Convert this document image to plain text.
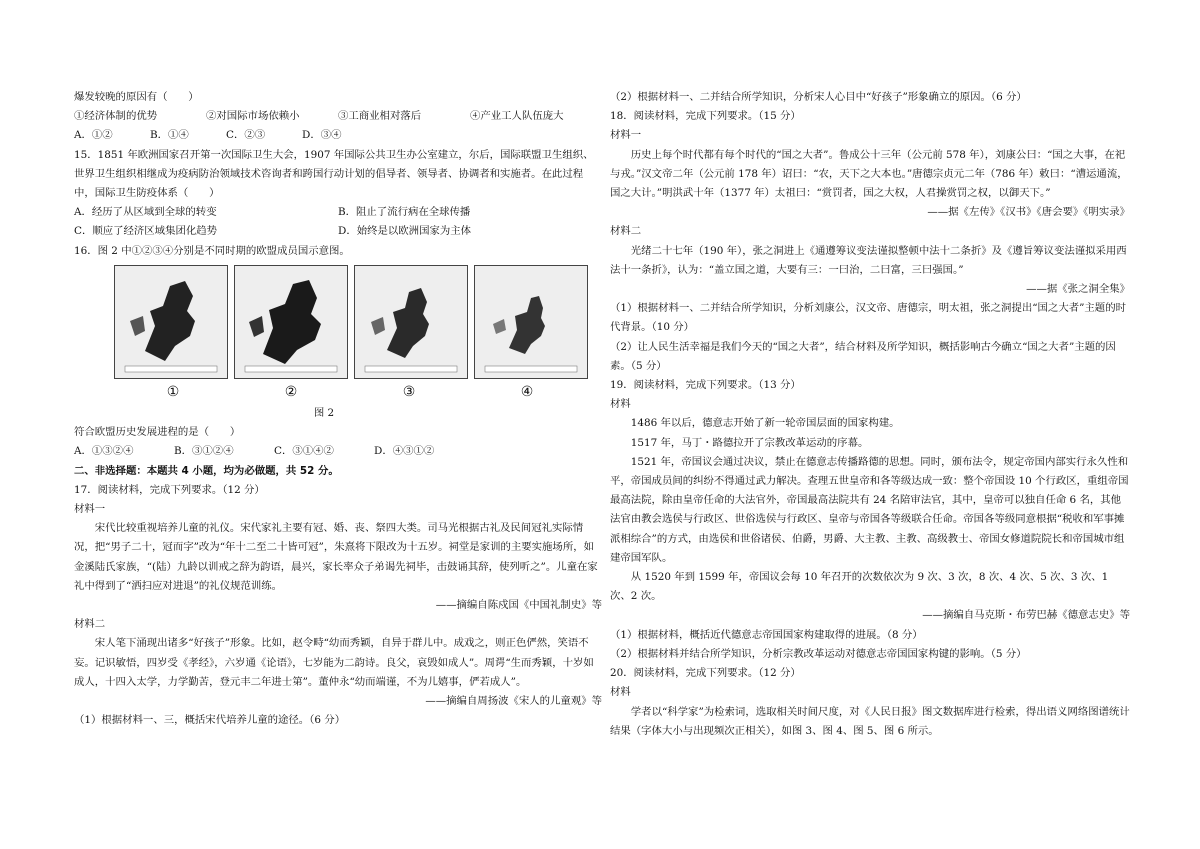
爆发较晚的原因有（　　）

①经济体制的优势	②对国际市场依赖小	③工商业相对落后	④产业工人队伍庞大
A．①②	B．①④	C．②③	D．③④

15．1851 年欧洲国家召开第一次国际卫生大会，1907 年国际公共卫生办公室建立，尔后，国际联盟卫生组织、世界卫生组织相继成为疫病防治领域技术咨询者和跨国行动计划的倡导者、领导者、协调者和实施者。在此过程中，国际卫生防疫体系（　　）

A．经历了从区域到全球的转变	B．阻止了流行病在全球传播
C．顺应了经济区域集团化趋势	D．始终是以欧洲国家为主体

16．图 2 中①②③④分别是不同时期的欧盟成员国示意图。

①	②	③	④
图 2

符合欧盟历史发展进程的是（　　）

A．①③②④	B．③①②④	C．③①④②	D．④③①②

二、非选择题：本题共 4 小题，均为必做题，共 52 分。

17．阅读材料，完成下列要求。（12 分）

材料一

宋代比较重视培养儿童的礼仪。宋代家礼主要有冠、婚、丧、祭四大类。司马光根据古礼及民间冠礼实际情况，把“男子二十，冠而字”改为“年十二至二十皆可冠”，朱熹将下限改为十五岁。祠堂是家训的主要实施场所，如金溪陆氏家族，“(陆）九龄以训戒之辞为韵语，晨兴，家长率众子弟谒先祠毕，击鼓诵其辞，使列听之”。儿童在家礼中得到了“洒扫应对进退”的礼仪规范训练。

——摘编自陈戍国《中国礼制史》等

材料二

宋人笔下涌现出诸多“好孩子”形象。比如，赵令畤“幼而秀颖，自异于群儿中。成戏之，则正色俨然，笑语不妄。记识敏悟，四岁受《孝经》，六岁通《论语》，七岁能为二韵诗。良父，哀毁如成人”。周谔“生而秀颖，十岁如成人，十四入太学，力学勤苦，登元丰二年进士第”。董仲永“幼而端谨，不为儿嬉事，俨若成人”。

——摘编自周扬波《宋人的儿童观》等

（1）根据材料一、三，概括宋代培养儿童的途径。（6 分）

（2）根据材料一、二并结合所学知识，分析宋人心目中“好孩子”形象确立的原因。（6 分）

18．阅读材料，完成下列要求。（15 分）

材料一

历史上每个时代都有每个时代的“国之大者”。鲁成公十三年（公元前 578 年），刘康公曰：“国之大事，在祀与戎。”汉文帝二年（公元前 178 年）诏曰：“农，天下之大本也。”唐德宗贞元二年（786 年）敕曰：“漕运通流，国之大计。”明洪武十年（1377 年）太祖曰：“赏罚者，国之大权，人君操赏罚之权，以御天下。”

——据《左传》《汉书》《唐会要》《明实录》

材料二

光绪二十七年（190 年），张之洞进上《通遵筹议变法谨拟整顿中法十二条折》及《遵旨筹议变法谨拟采用西法十一条折》，认为：“盖立国之道，大要有三：一曰治，二曰富，三曰强国。”

——据《张之洞全集》

（1）根据材料一、二并结合所学知识，分析刘康公，汉文帝、唐德宗，明太祖，张之洞提出“国之大者”主题的时代背景。（10 分）

（2）让人民生活幸福是我们今天的“国之大者”，结合材料及所学知识，概括影响古今确立“国之大者”主题的因素。（5 分）

19．阅读材料，完成下列要求。（13 分）

材料

1486 年以后，德意志开始了新一轮帝国层面的国家构建。

1517 年，马丁・路德拉开了宗教改革运动的序幕。

1521 年，帝国议会通过决议，禁止在德意志传播路德的思想。同时，颁布法令，规定帝国内部实行永久性和平，帝国成员间的纠纷不得通过武力解决。查理五世皇帝和各等级达成一致：整个帝国设 10 个行政区，重组帝国最高法院，除由皇帝任命的大法官外，帝国最高法院共有 24 名陪审法官，其中，皇帝可以独自任命 6 名，其他法官由教会选侯与行政区、世俗选侯与行政区、皇帝与帝国各等级联合任命。帝国各等级同意根据“税收和军事摊派相综合”的方式，由选侯和世俗诸侯、伯爵，男爵、大主教、主教、高级教士、帝国女修道院院长和帝国城市组建帝国军队。

从 1520 年到 1599 年，帝国议会每 10 年召开的次数依次为 9 次、3 次，8 次、4 次、5 次、3 次、1 次、2 次。

——摘编自马克斯・布劳巴赫《德意志史》等

（1）根据材料，概括近代德意志帝国国家构建取得的进展。（8 分）

（2）根据材料并结合所学知识，分析宗教改革运动对德意志帝国国家构键的影响。（5 分）

20．阅读材料，完成下列要求。（12 分）

材料

学者以“科学家”为检索词，选取相关时间尺度，对《人民日报》图文数据库进行检索，得出语义网络图谱统计结果（字体大小与出现频次正相关），如图 3、图 4、图 5、图 6 所示。
